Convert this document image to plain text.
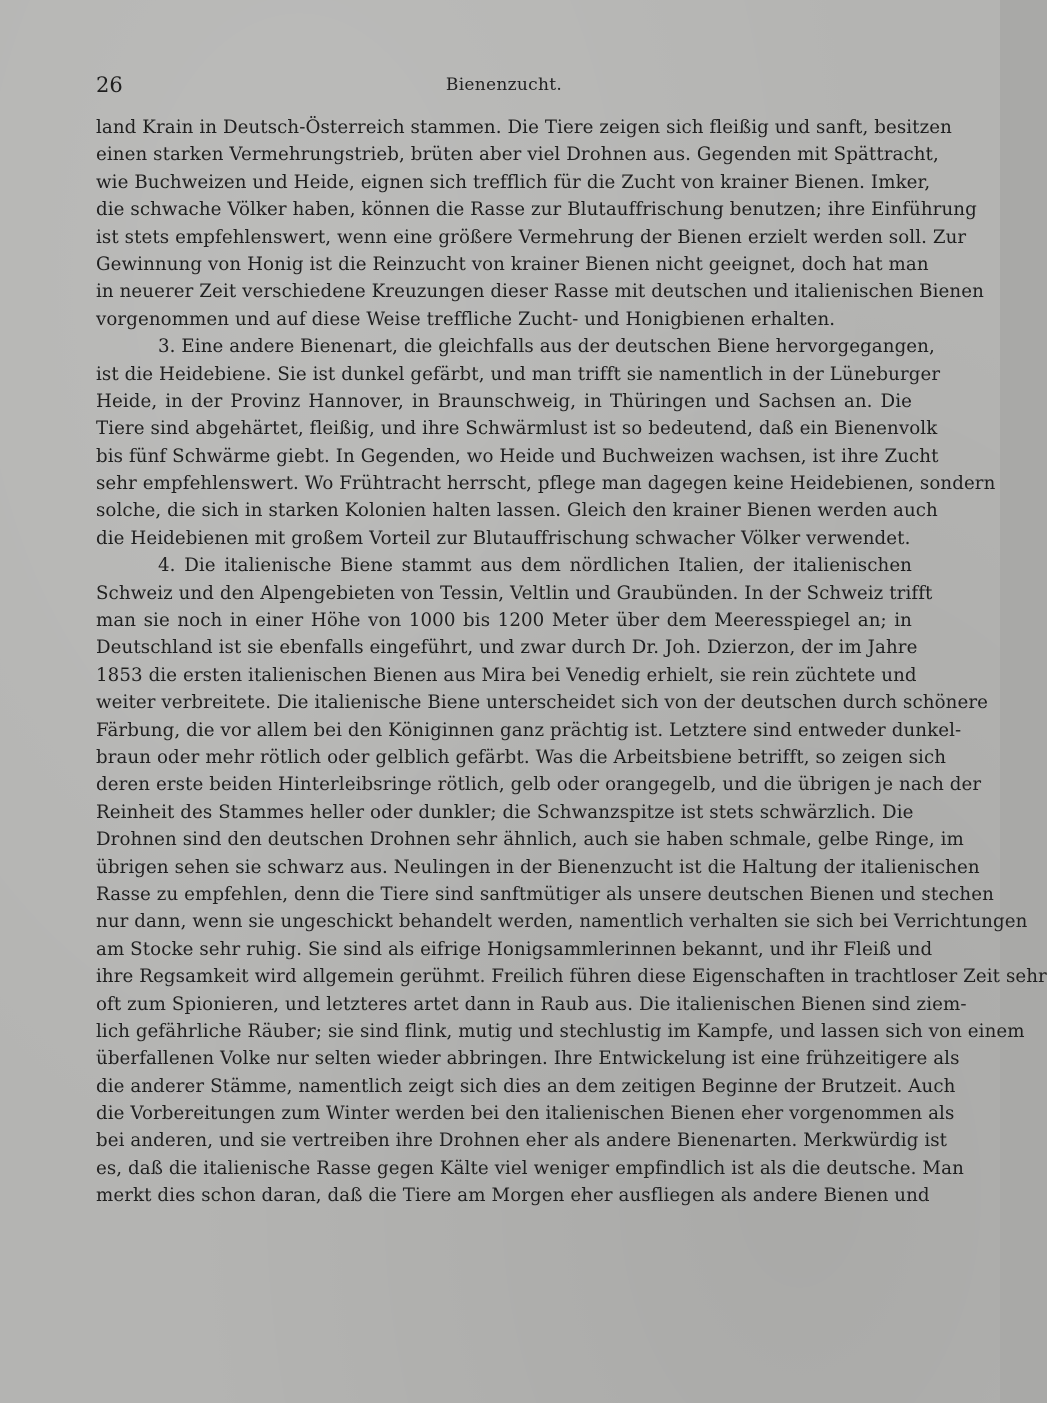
26	Bienenzucht.
land Krain in Deutsch-Österreich stammen. Die Tiere zeigen sich fleißig und sanft, besitzen
einen starken Vermehrungstrieb, brüten aber viel Drohnen aus. Gegenden mit Spättracht,
wie Buchweizen und Heide, eignen sich trefflich für die Zucht von krainer Bienen. Imker,
die schwache Völker haben, können die Rasse zur Blutauffrischung benutzen; ihre Einführung
ist stets empfehlenswert, wenn eine größere Vermehrung der Bienen erzielt werden soll. Zur
Gewinnung von Honig ist die Reinzucht von krainer Bienen nicht geeignet, doch hat man
in neuerer Zeit verschiedene Kreuzungen dieser Rasse mit deutschen und italienischen Bienen
vorgenommen und auf diese Weise treffliche Zucht- und Honigbienen erhalten.
3. Eine andere Bienenart, die gleichfalls aus der deutschen Biene hervorgegangen,
ist die Heidebiene. Sie ist dunkel gefärbt, und man trifft sie namentlich in der Lüneburger
Heide, in der Provinz Hannover, in Braunschweig, in Thüringen und Sachsen an. Die
Tiere sind abgehärtet, fleißig, und ihre Schwärmlust ist so bedeutend, daß ein Bienenvolk
bis fünf Schwärme giebt. In Gegenden, wo Heide und Buchweizen wachsen, ist ihre Zucht
sehr empfehlenswert. Wo Frühtracht herrscht, pflege man dagegen keine Heidebienen, sondern
solche, die sich in starken Kolonien halten lassen. Gleich den krainer Bienen werden auch
die Heidebienen mit großem Vorteil zur Blutauffrischung schwacher Völker verwendet.
4. Die italienische Biene stammt aus dem nördlichen Italien, der italienischen
Schweiz und den Alpengebieten von Tessin, Veltlin und Graubünden. In der Schweiz trifft
man sie noch in einer Höhe von 1000 bis 1200 Meter über dem Meeresspiegel an; in
Deutschland ist sie ebenfalls eingeführt, und zwar durch Dr. Joh. Dzierzon, der im Jahre
1853 die ersten italienischen Bienen aus Mira bei Venedig erhielt, sie rein züchtete und
weiter verbreitete. Die italienische Biene unterscheidet sich von der deutschen durch schönere
Färbung, die vor allem bei den Königinnen ganz prächtig ist. Letztere sind entweder dunkel-
braun oder mehr rötlich oder gelblich gefärbt. Was die Arbeitsbiene betrifft, so zeigen sich
deren erste beiden Hinterleibsringe rötlich, gelb oder orangegelb, und die übrigen je nach der
Reinheit des Stammes heller oder dunkler; die Schwanzspitze ist stets schwärzlich. Die
Drohnen sind den deutschen Drohnen sehr ähnlich, auch sie haben schmale, gelbe Ringe, im
übrigen sehen sie schwarz aus. Neulingen in der Bienenzucht ist die Haltung der italienischen
Rasse zu empfehlen, denn die Tiere sind sanftmütiger als unsere deutschen Bienen und stechen
nur dann, wenn sie ungeschickt behandelt werden, namentlich verhalten sie sich bei Verrichtungen
am Stocke sehr ruhig. Sie sind als eifrige Honigsammlerinnen bekannt, und ihr Fleiß und
ihre Regsamkeit wird allgemein gerühmt. Freilich führen diese Eigenschaften in trachtloser Zeit sehr
oft zum Spionieren, und letzteres artet dann in Raub aus. Die italienischen Bienen sind ziem-
lich gefährliche Räuber; sie sind flink, mutig und stechlustig im Kampfe, und lassen sich von einem
überfallenen Volke nur selten wieder abbringen. Ihre Entwickelung ist eine frühzeitigere als
die anderer Stämme, namentlich zeigt sich dies an dem zeitigen Beginne der Brutzeit. Auch
die Vorbereitungen zum Winter werden bei den italienischen Bienen eher vorgenommen als
bei anderen, und sie vertreiben ihre Drohnen eher als andere Bienenarten. Merkwürdig ist
es, daß die italienische Rasse gegen Kälte viel weniger empfindlich ist als die deutsche. Man
merkt dies schon daran, daß die Tiere am Morgen eher ausfliegen als andere Bienen und
